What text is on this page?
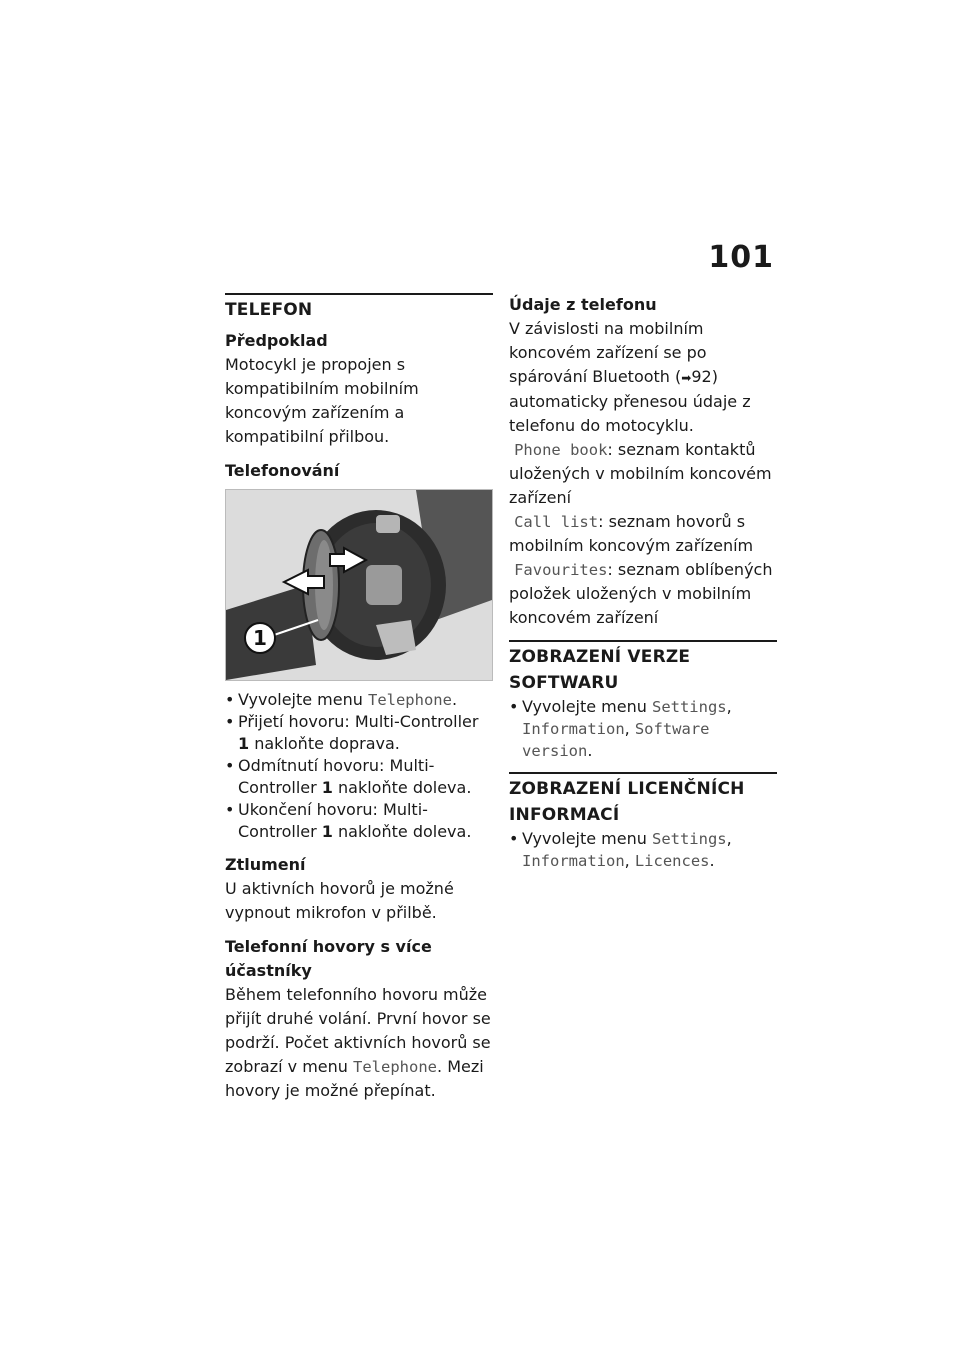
101
TELEFON
Předpoklad

Motocykl je propojen s kompatibilním mobilním koncovým zařízením a kompatibilní přilbou.

Telefonování
1
• Vyvolejte menu Telephone.
• Přijetí hovoru: Multi-Controller 1 nakloňte doprava.
• Odmítnutí hovoru: Multi-Controller 1 nakloňte doleva.
• Ukončení hovoru: Multi-Controller 1 nakloňte doleva.
Ztlumení

U aktivních hovorů je možné vypnout mikrofon v přilbě.

Telefonní hovory s více účastníky

Během telefonního hovoru může přijít druhé volání. První hovor se podrží. Počet aktivních hovorů se zobrazí v menu Telephone. Mezi hovory je možné přepínat.

Údaje z telefonu

V závislosti na mobilním koncovém zařízení se po spárování Bluetooth (➡92) automaticky přenesou údaje z telefonu do motocyklu.

Phone book: seznam kontaktů uložených v mobilním koncovém zařízení

Call list: seznam hovorů s mobilním koncovým zařízením

Favourites: seznam oblíbených položek uložených v mobilním koncovém zařízení

ZOBRAZENÍ VERZE SOFTWARU
• Vyvolejte menu Settings, Information, Software version.
ZOBRAZENÍ LICENČNÍCH INFORMACÍ
• Vyvolejte menu Settings, Information, Licences.
